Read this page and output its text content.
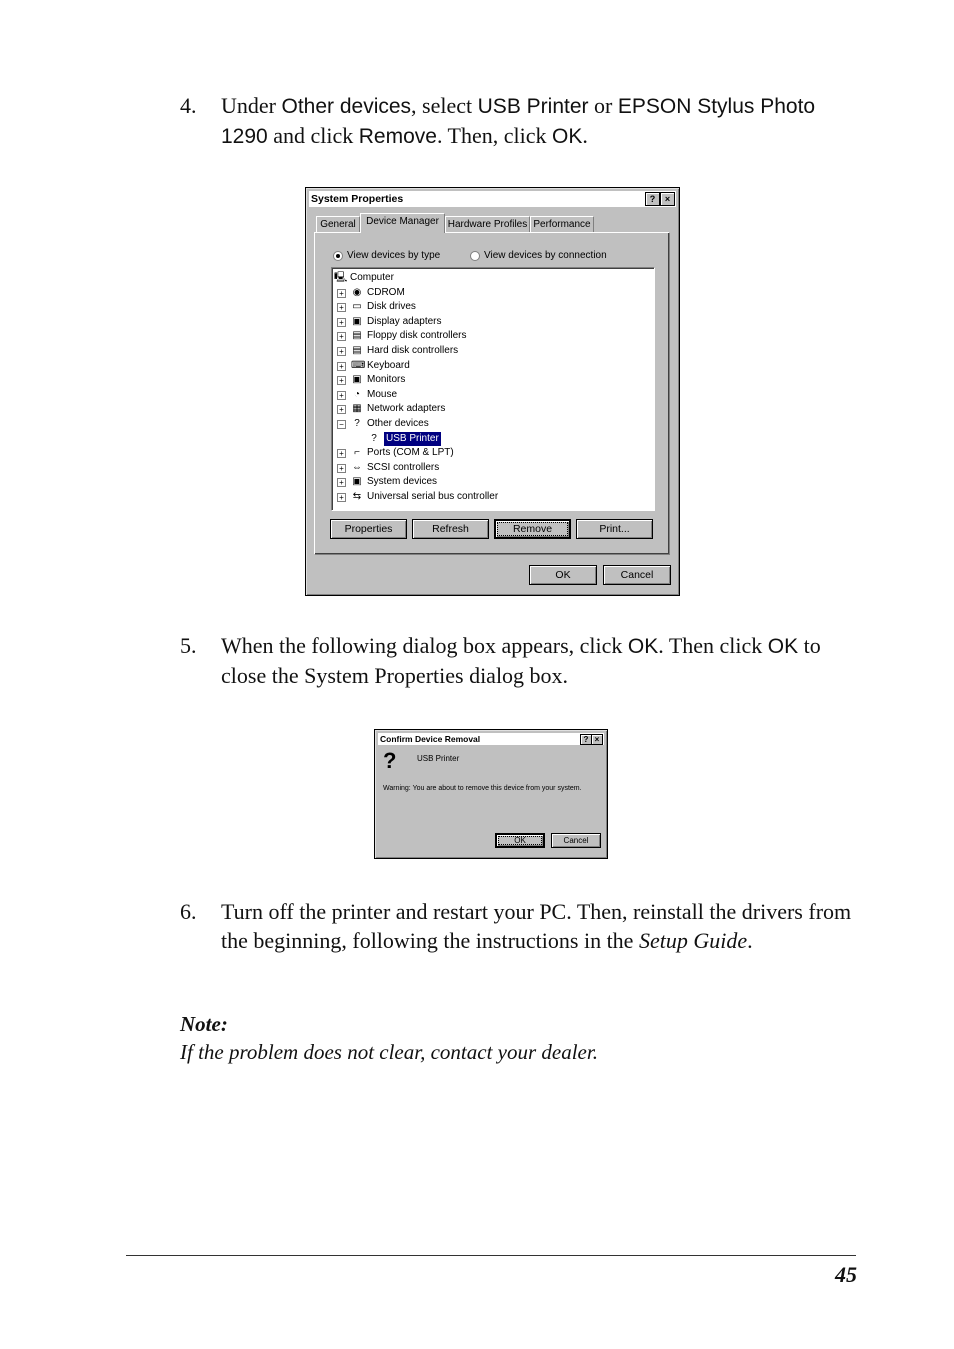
4. Under Other devices, select USB Printer or EPSON Stylus Photo 1290 and click Remove. Then, click OK.
System Properties	?	×
General	Device Manager Hardware Profiles Performance
View devices by type	View devices by connection
🖳 Computer
+ ◉ CDROM
+ ▭ Disk drives
+ ▣ Display adapters
+ ▤ Floppy disk controllers
+ ▤ Hard disk controllers
+ ⌨ Keyboard
+ ▣ Monitors
+ ◔ Mouse
+ ▦ Network adapters
−	? Other devices
? USB Printer
+	⌐ Ports (COM & LPT)
+ ⇔ SCSI controllers
+ ▣ System devices
+ ⇆ Universal serial bus controller
Properties	Refresh	Remove	Print...
OK	Cancel
5. When the following dialog box appears, click OK. Then click OK to close the System Properties dialog box.
Confirm Device Removal	? ×
?	USB Printer
Warning: You are about to remove this device from your system.
OK	Cancel
6. Turn off the printer and restart your PC. Then, reinstall the drivers from the beginning, following the instructions in the Setup Guide.
Note:
If the problem does not clear, contact your dealer.
45
